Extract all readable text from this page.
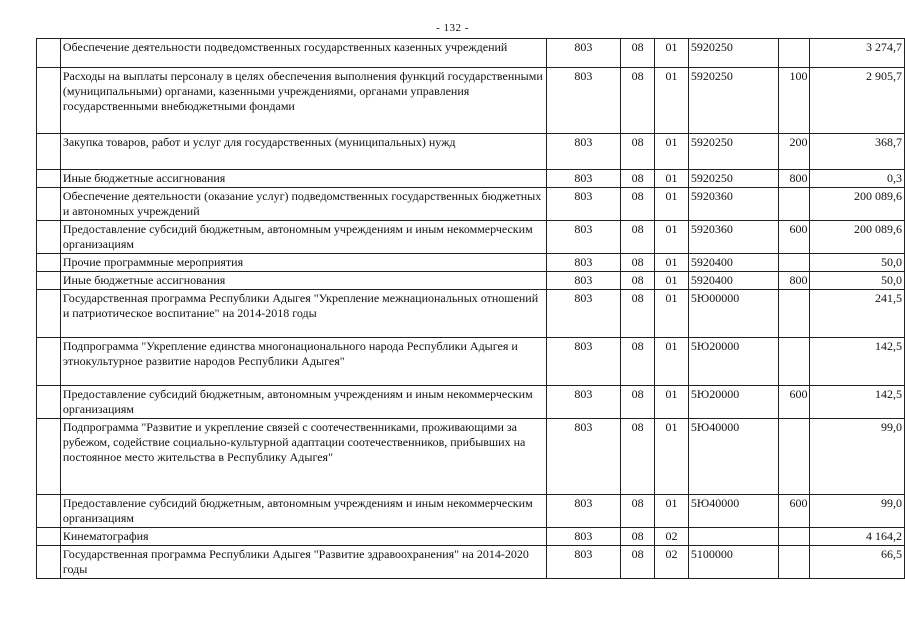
- 132 -
	Обеспечение деятельности подведомственных государственных казенных учреждений	803	08	01	5920250		3 274,7
	Расходы на выплаты персоналу в целях обеспечения выполнения функций государственными (муниципальными) органами, казенными учреждениями, органами управления государственными внебюджетными фондами	803	08	01	5920250	100	2 905,7
	Закупка товаров, работ и услуг для государственных (муниципальных) нужд	803	08	01	5920250	200	368,7
	Иные бюджетные ассигнования	803	08	01	5920250	800	0,3
	Обеспечение деятельности (оказание услуг) подведомственных государственных бюджетных и автономных учреждений	803	08	01	5920360		200 089,6
	Предоставление субсидий бюджетным, автономным учреждениям и иным некоммерческим организациям	803	08	01	5920360	600	200 089,6
	Прочие программные мероприятия	803	08	01	5920400		50,0
	Иные бюджетные ассигнования	803	08	01	5920400	800	50,0
	Государственная программа Республики Адыгея "Укрепление межнациональных отношений и патриотическое воспитание" на 2014-2018 годы	803	08	01	5Ю00000		241,5
	Подпрограмма "Укрепление единства многонационального народа Республики Адыгея и этнокультурное развитие народов Республики Адыгея"	803	08	01	5Ю20000		142,5
	Предоставление субсидий бюджетным, автономным учреждениям и иным некоммерческим организациям	803	08	01	5Ю20000	600	142,5
	Подпрограмма "Развитие и укрепление связей с соотечественниками, проживающими за рубежом, содействие социально-культурной адаптации соотечественников, прибывших на постоянное место жительства в Республику Адыгея"	803	08	01	5Ю40000		99,0
	Предоставление субсидий бюджетным, автономным учреждениям и иным некоммерческим организациям	803	08	01	5Ю40000	600	99,0
	Кинематография	803	08	02			4 164,2
	Государственная программа Республики Адыгея "Развитие здравоохранения" на 2014-2020 годы	803	08	02	5100000		66,5
